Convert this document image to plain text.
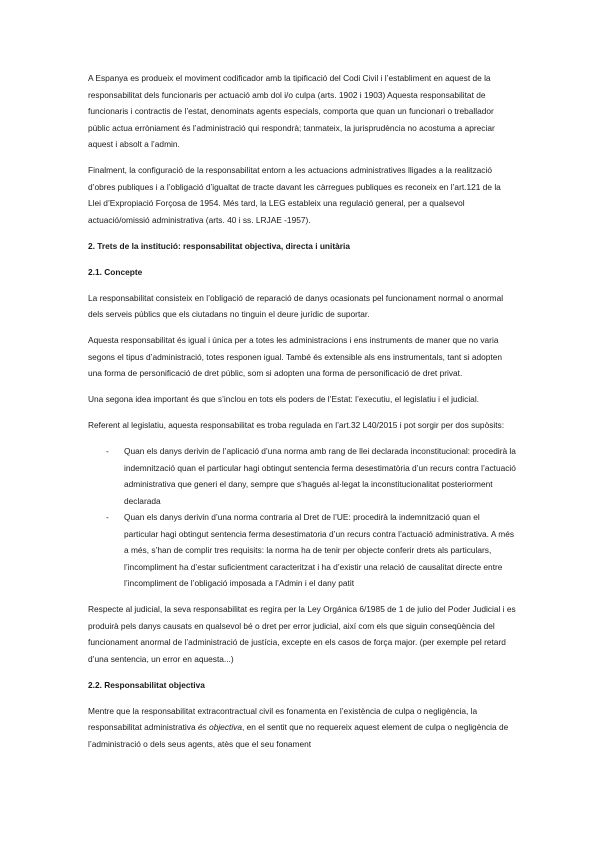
A Espanya es produeix el moviment codificador amb la tipificació del Codi Civil i l’establiment en aquest de la responsabilitat dels funcionaris per actuació amb dol i/o culpa (arts. 1902 i 1903) Aquesta responsabilitat de funcionaris i contractis de l’estat, denominats agents especials, comporta que quan un funcionari o treballador públic actua erròniament és l’administració qui respondrà; tanmateix, la jurisprudència no acostuma a apreciar aquest i absolt a l’admin.

Finalment, la configuració de la responsabilitat entorn a les actuacions administratives lligades a la realització d’obres publiques i a l’obligació d’igualtat de tracte davant les càrregues publiques es reconeix en l’art.121 de la Llei d’Expropiació Forçosa de 1954. Més tard, la LEG estableix una regulació general, per a qualsevol actuació/omissió administrativa (arts. 40 i ss. LRJAE -1957).

2. Trets de la institució: responsabilitat objectiva, directa i unitària

2.1. Concepte

La responsabilitat consisteix en l’obligació de reparació de danys ocasionats pel funcionament normal o anormal dels serveis públics que els ciutadans no tinguin el deure jurídic de suportar.

Aquesta responsabilitat és igual i única per a totes les administracions i ens instruments de maner que no varia segons el tipus d’administració, totes responen igual. També és extensible als ens instrumentals, tant si adopten una forma de personificació de dret públic, som si adopten una forma de personificació de dret privat.

Una segona idea important és que s’inclou en tots els poders de l’Estat: l’executiu, el legislatiu i el judicial.

Referent al legislatiu, aquesta responsabilitat es troba regulada en l’art.32 L40/2015 i pot sorgir per dos supòsits:

- Quan els danys derivin de l’aplicació d’una norma amb rang de llei declarada inconstitucional: procedirà la indemnització quan el particular hagi obtingut sentencia ferma desestimatòria d’un recurs contra l’actuació administrativa que generi el dany, sempre que s’hagués al·legat la inconstitucionalitat posteriorment declarada
- Quan els danys derivin d’una norma contraria al Dret de l’UE: procedirà la indemnització quan el particular hagi obtingut sentencia ferma desestimatoria d’un recurs contra l’actuació administrativa. A més a més, s’han de complir tres requisits: la norma ha de tenir per objecte conferir drets als particulars, l’incompliment ha d’estar suficientment caracteritzat i ha d’existir una relació de causalitat directe entre l’incompliment de l’obligació imposada a l’Admin i el dany patit

Respecte al judicial, la seva responsabilitat es regira per la Ley Orgánica 6/1985 de 1 de julio del Poder Judicial i es produirà pels danys causats en qualsevol bé o dret per error judicial, així com els que siguin conseqüència del funcionament anormal de l’administració de justícia, excepte en els casos de força major. (per exemple pel retard d’una sentencia, un error en aquesta...)

2.2. Responsabilitat objectiva

Mentre que la responsabilitat extracontractual civil es fonamenta en l’existència de culpa o negligència, la responsabilitat administrativa és objectiva, en el sentit que no requereix aquest element de culpa o negligència de l’administració o dels seus agents, atès que el seu fonament
